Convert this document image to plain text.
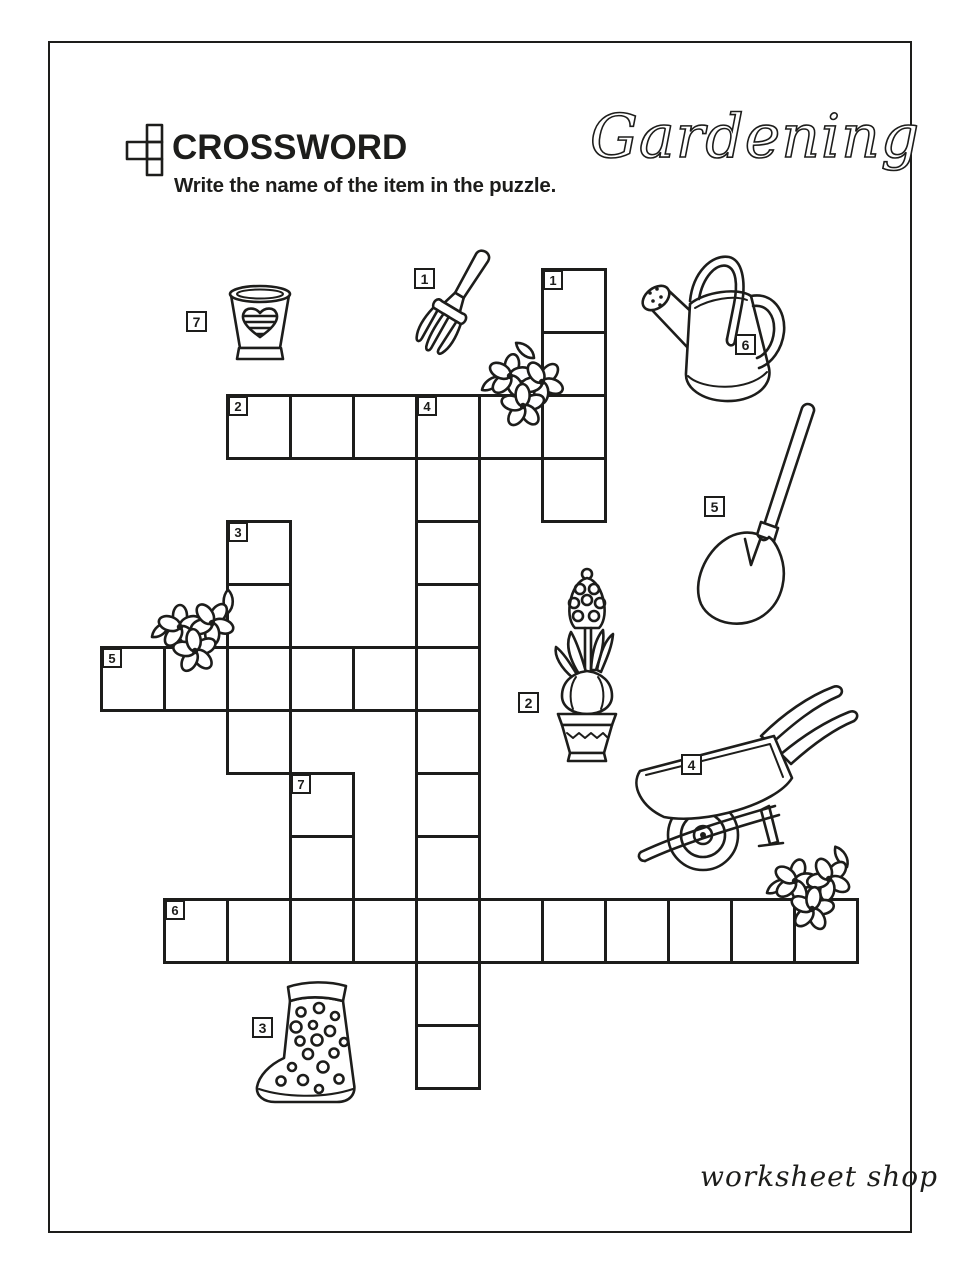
CROSSWORD
Write the name of the item in the puzzle.
Gardening
1
2
3
4
5
6
7
7
1
6
5
2
4
3
worksheet shop
